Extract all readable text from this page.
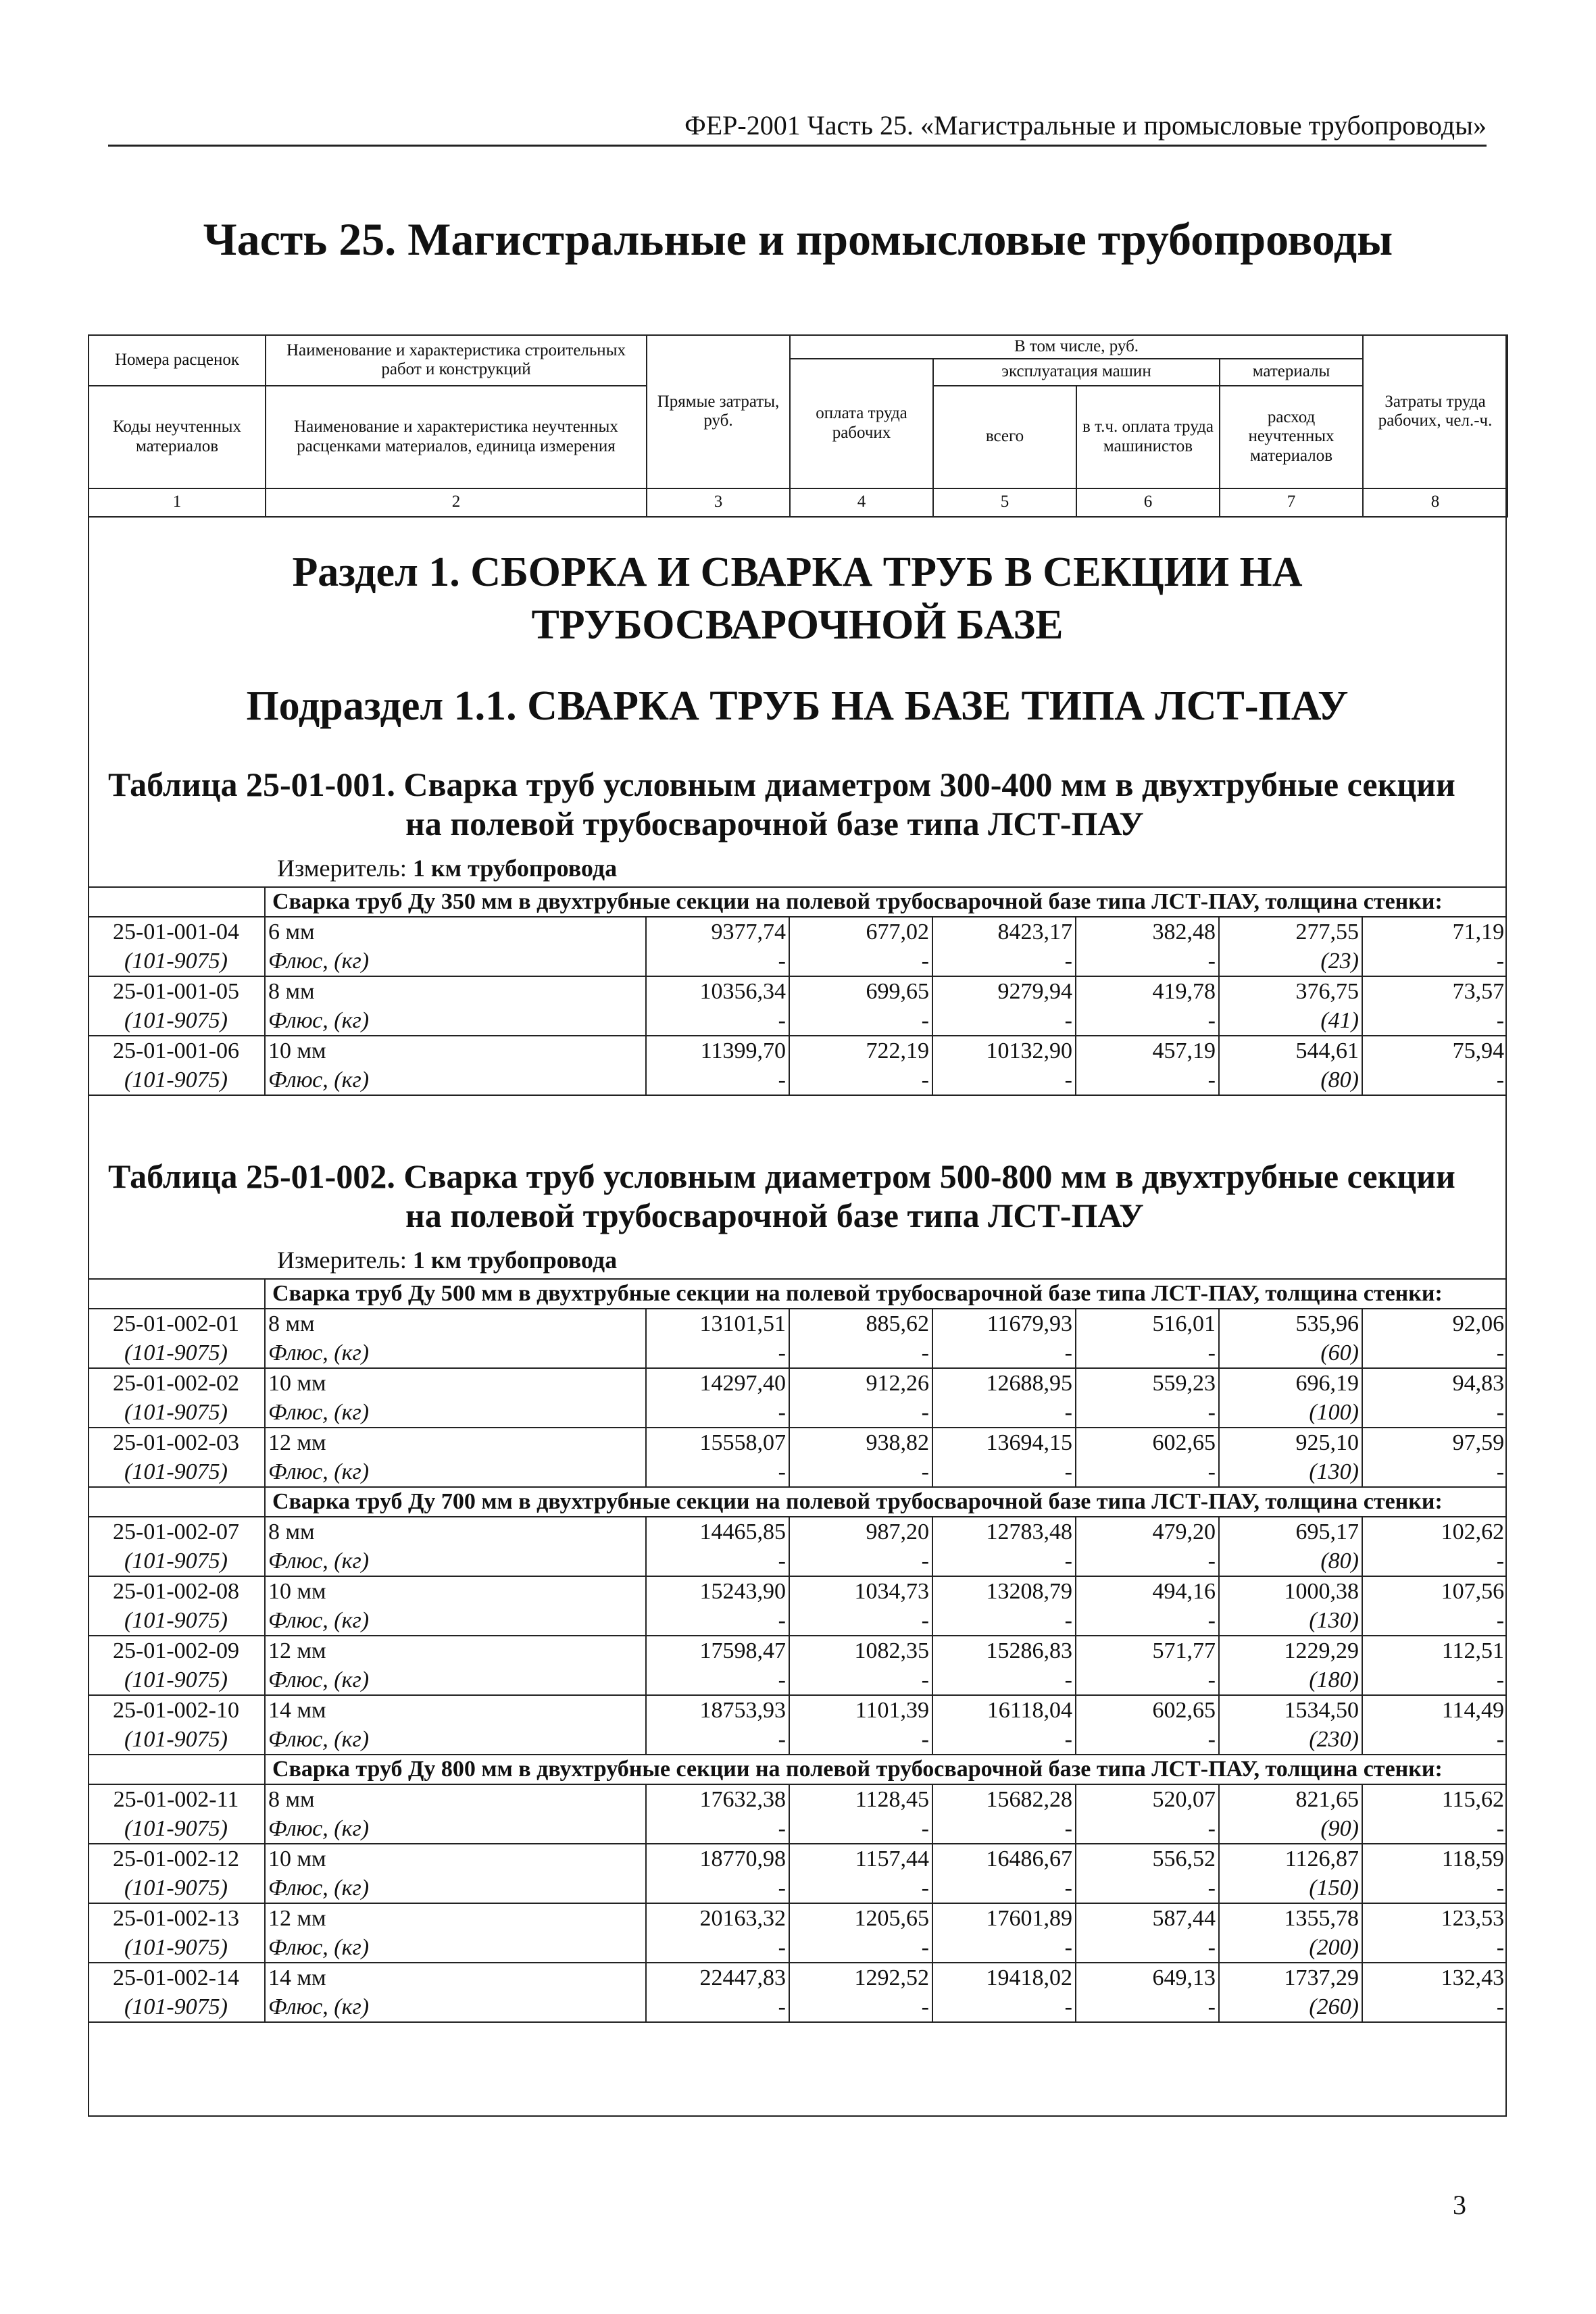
ФЕР-2001 Часть 25. «Магистральные и промысловые трубопроводы»
Часть 25. Магистральные и промысловые трубопроводы
Номера расценок	Наименование и характеристика строительных работ и конструкций	Прямые затраты, руб.	В том числе, руб.				Затраты труда рабочих, чел.-ч.
			оплата труда рабочих	эксплуатация машин		материалы	
Коды неучтенных материалов	Наименование и характеристика неучтенных расценками материалов, единица измерения			всего	в т.ч. оплата труда машинистов	расход неучтенных материалов	

1	2	3	4	5	6	7	8
Раздел 1. СБОРКА И СВАРКА ТРУБ В СЕКЦИИ НА ТРУБОСВАРОЧНОЙ БАЗЕ
Подраздел 1.1. СВАРКА ТРУБ НА БАЗЕ ТИПА ЛСТ-ПАУ
Таблица 25-01-001. Сварка труб условным диаметром 300-400 мм в двухтрубные секции
на полевой трубосварочной базе типа ЛСТ-ПАУ
Измеритель: 1 км трубопровода
	Сварка труб Ду 350 мм в двухтрубные секции на полевой трубосварочной базе типа ЛСТ-ПАУ, толщина стенки:						
25-01-001-04	6 мм	9377,74	677,02	8423,17	382,48	277,55	71,19
(101-9075)	Флюс, (кг)	-	-	-	-	(23)	-
25-01-001-05	8 мм	10356,34	699,65	9279,94	419,78	376,75	73,57
(101-9075)	Флюс, (кг)	-	-	-	-	(41)	-
25-01-001-06	10 мм	11399,70	722,19	10132,90	457,19	544,61	75,94
(101-9075)	Флюс, (кг)	-	-	-	-	(80)	-
Таблица 25-01-002. Сварка труб условным диаметром 500-800 мм в двухтрубные секции
на полевой трубосварочной базе типа ЛСТ-ПАУ
Измеритель: 1 км трубопровода
	Сварка труб Ду 500 мм в двухтрубные секции на полевой трубосварочной базе типа ЛСТ-ПАУ, толщина стенки:						
25-01-002-01	8 мм	13101,51	885,62	11679,93	516,01	535,96	92,06
(101-9075)	Флюс, (кг)	-	-	-	-	(60)	-
25-01-002-02	10 мм	14297,40	912,26	12688,95	559,23	696,19	94,83
(101-9075)	Флюс, (кг)	-	-	-	-	(100)	-
25-01-002-03	12 мм	15558,07	938,82	13694,15	602,65	925,10	97,59
(101-9075)	Флюс, (кг)	-	-	-	-	(130)	-
	Сварка труб Ду 700 мм в двухтрубные секции на полевой трубосварочной базе типа ЛСТ-ПАУ, толщина стенки:						
25-01-002-07	8 мм	14465,85	987,20	12783,48	479,20	695,17	102,62
(101-9075)	Флюс, (кг)	-	-	-	-	(80)	-
25-01-002-08	10 мм	15243,90	1034,73	13208,79	494,16	1000,38	107,56
(101-9075)	Флюс, (кг)	-	-	-	-	(130)	-
25-01-002-09	12 мм	17598,47	1082,35	15286,83	571,77	1229,29	112,51
(101-9075)	Флюс, (кг)	-	-	-	-	(180)	-
25-01-002-10	14 мм	18753,93	1101,39	16118,04	602,65	1534,50	114,49
(101-9075)	Флюс, (кг)	-	-	-	-	(230)	-
	Сварка труб Ду 800 мм в двухтрубные секции на полевой трубосварочной базе типа ЛСТ-ПАУ, толщина стенки:						
25-01-002-11	8 мм	17632,38	1128,45	15682,28	520,07	821,65	115,62
(101-9075)	Флюс, (кг)	-	-	-	-	(90)	-
25-01-002-12	10 мм	18770,98	1157,44	16486,67	556,52	1126,87	118,59
(101-9075)	Флюс, (кг)	-	-	-	-	(150)	-
25-01-002-13	12 мм	20163,32	1205,65	17601,89	587,44	1355,78	123,53
(101-9075)	Флюс, (кг)	-	-	-	-	(200)	-
25-01-002-14	14 мм	22447,83	1292,52	19418,02	649,13	1737,29	132,43
(101-9075)	Флюс, (кг)	-	-	-	-	(260)	-
3
